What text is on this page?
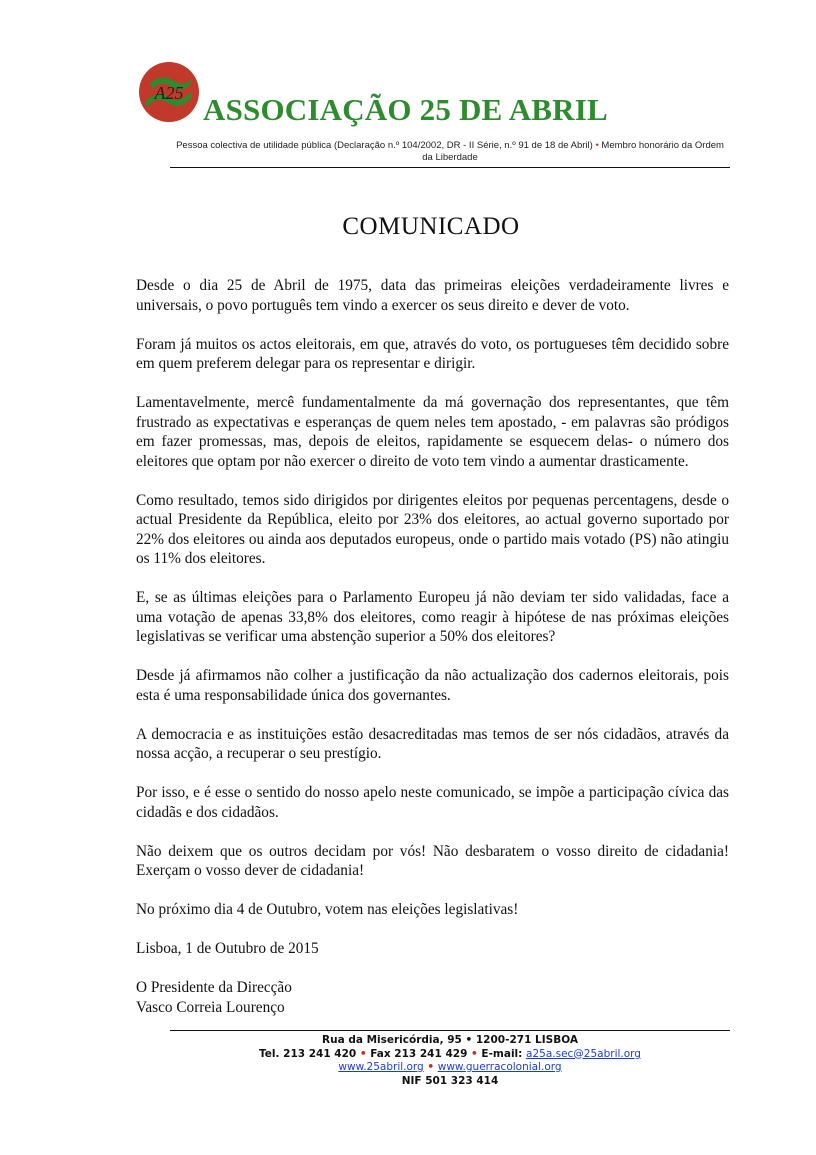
A25 ASSOCIAÇÃO 25 DE ABRIL
Pessoa colectiva de utilidade pública (Declaração n.º 104/2002, DR - II Série, n.º 91 de 18 de Abril) • Membro honorário da Ordem da Liberdade
COMUNICADO

Desde o dia 25 de Abril de 1975, data das primeiras eleições verdadeiramente livres e universais, o povo português tem vindo a exercer os seus direito e dever de voto.

Foram já muitos os actos eleitorais, em que, através do voto, os portugueses têm decidido sobre em quem preferem delegar para os representar e dirigir.

Lamentavelmente, mercê fundamentalmente da má governação dos representantes, que têm frustrado as expectativas e esperanças de quem neles tem apostado, - em palavras são pródigos em fazer promessas, mas, depois de eleitos, rapidamente se esquecem delas- o número dos eleitores que optam por não exercer o direito de voto tem vindo a aumentar drasticamente.

Como resultado, temos sido dirigidos por dirigentes eleitos por pequenas percentagens, desde o actual Presidente da República, eleito por 23% dos eleitores, ao actual governo suportado por 22% dos eleitores ou ainda aos deputados europeus, onde o partido mais votado (PS) não atingiu os 11% dos eleitores.

E, se as últimas eleições para o Parlamento Europeu já não deviam ter sido validadas, face a uma votação de apenas 33,8% dos eleitores, como reagir à hipótese de nas próximas eleições legislativas se verificar uma abstenção superior a 50% dos eleitores?

Desde já afirmamos não colher a justificação da não actualização dos cadernos eleitorais, pois esta é uma responsabilidade única dos governantes.

A democracia e as instituições estão desacreditadas mas temos de ser nós cidadãos, através da nossa acção, a recuperar o seu prestígio.

Por isso, e é esse o sentido do nosso apelo neste comunicado, se impõe a participação cívica das cidadãs e dos cidadãos.

Não deixem que os outros decidam por vós! Não desbaratem o vosso direito de cidadania! Exerçam o vosso dever de cidadania!

No próximo dia 4 de Outubro, votem nas eleições legislativas!

Lisboa, 1 de Outubro de 2015

O Presidente da Direcção

Vasco Correia Lourenço

Rua da Misericórdia, 95 • 1200-271 LISBOA
Tel. 213 241 420 • Fax 213 241 429 • E-mail: a25a.sec@25abril.org
www.25abril.org • www.guerracolonial.org
NIF 501 323 414
